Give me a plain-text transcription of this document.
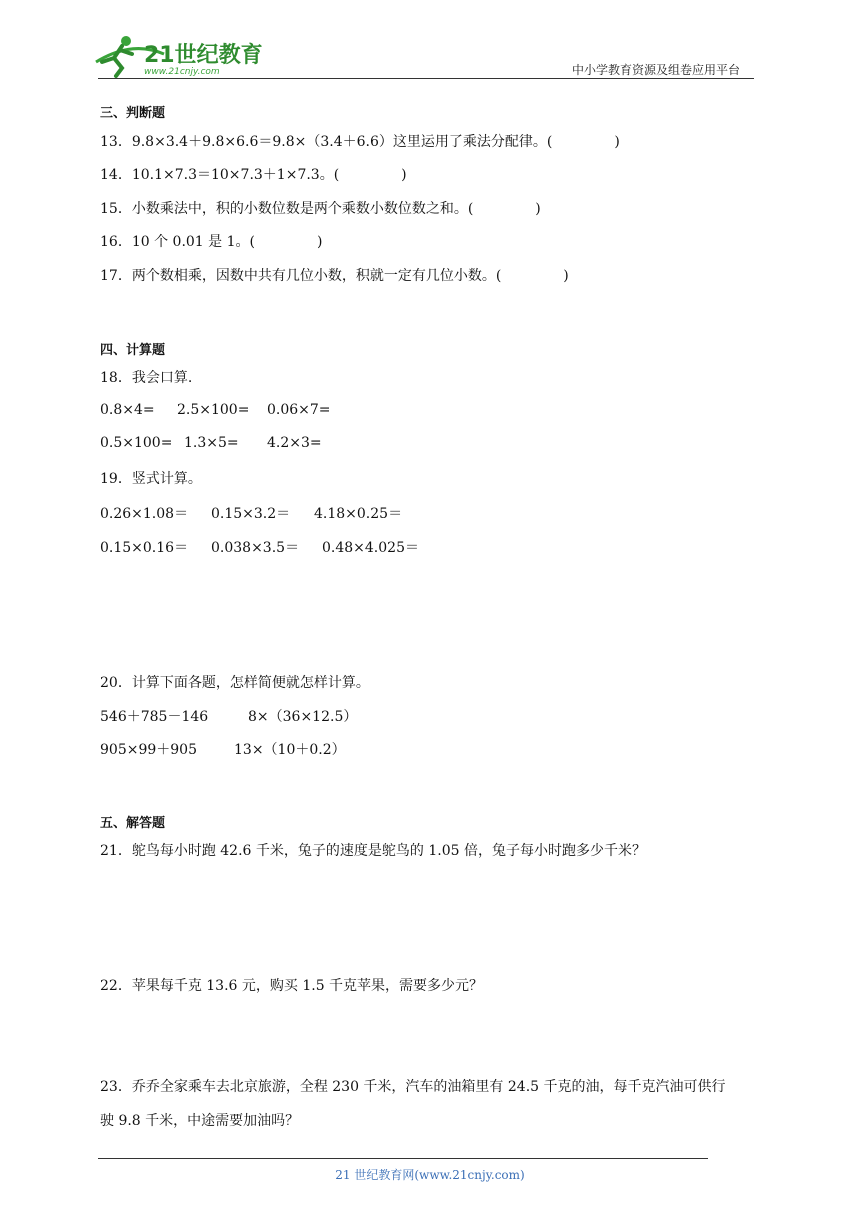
21世纪教育
www.21cnjy.com	中小学教育资源及组卷应用平台
三、判断题
13．9.8×3.4＋9.8×6.6＝9.8×（3.4＋6.6）这里运用了乘法分配律。(	)
14．10.1×7.3＝10×7.3＋1×7.3。(	)
15．小数乘法中，积的小数位数是两个乘数小数位数之和。(	)
16．10 个 0.01 是 1。(	)
17．两个数相乘，因数中共有几位小数，积就一定有几位小数。(	)
四、计算题
18．我会口算.
0.8×4= 2.5×100= 0.06×7=
0.5×100= 1.3×5= 4.2×3=
19．竖式计算。
0.26×1.08＝ 0.15×3.2＝ 4.18×0.25＝
0.15×0.16＝ 0.038×3.5＝ 0.48×4.025＝
20．计算下面各题，怎样简便就怎样计算。
546＋785－146	8×（36×12.5）
905×99＋905	13×（10＋0.2）
五、解答题
21．鸵鸟每小时跑 42.6 千米，兔子的速度是鸵鸟的 1.05 倍，兔子每小时跑多少千米？
22．苹果每千克 13.6 元，购买 1.5 千克苹果，需要多少元？
23．乔乔全家乘车去北京旅游，全程 230 千米，汽车的油箱里有 24.5 千克的油，每千克汽油可供行
驶 9.8 千米，中途需要加油吗？
21 世纪教育网(www.21cnjy.com)
